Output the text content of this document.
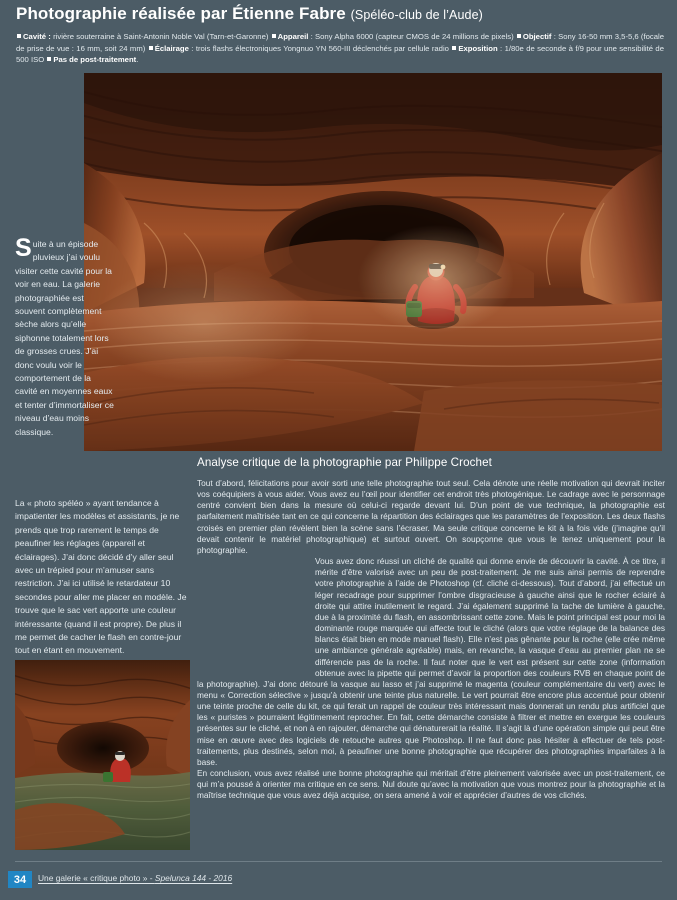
Photographie réalisée par Étienne Fabre (Spéléo-club de l’Aude)
Cavité : rivière souterraine à Saint-Antonin Noble Val (Tarn-et-Garonne) Appareil : Sony Alpha 6000 (capteur CMOS de 24 millions de pixels) Objectif : Sony 16-50 mm 3,5-5,6 (focale de prise de vue : 16 mm, soit 24 mm) Éclairage : trois flashs électroniques Yongnuo YN 560-III déclenchés par cellule radio Exposition : 1/80e de seconde à f/9 pour une sensibilité de 500 ISO Pas de post-traitement.

Suite à un épisode pluvieux j’ai voulu visiter cette cavité pour la voir en eau. La galerie photographiée est souvent complètement sèche alors qu’elle siphonne totalement lors de grosses crues. J’ai donc voulu voir le comportement de la cavité en moyennes eaux et tenter d’immortaliser ce niveau d’eau moins classique.

La « photo spéléo » ayant tendance à impatienter les modèles et assistants, je ne prends que trop rarement le temps de peaufiner les réglages (appareil et éclairages). J’ai donc décidé d’y aller seul avec un trépied pour m’amuser sans restriction. J’ai ici utilisé le retardateur 10 secondes pour aller me placer en modèle. Je trouve que le sac vert apporte une couleur intéressante (quand il est propre). De plus il me permet de cacher le flash en contre-jour tout en étant en mouvement.

Analyse critique de la photographie par Philippe Crochet

Tout d’abord, félicitations pour avoir sorti une telle photographie tout seul. Cela dénote une réelle motivation qui devrait inciter vos coéquipiers à vous aider. Vous avez eu l’œil pour identifier cet endroit très photogénique. Le cadrage avec le personnage centré convient bien dans la mesure où celui-ci regarde devant lui. D’un point de vue technique, la photographie est parfaitement maîtrisée tant en ce qui concerne la répartition des éclairages que les paramètres de l’exposition. Les deux flashs croisés en premier plan révèlent bien la scène sans l’écraser. Ma seule critique concerne le kit à la fois vide (j’imagine qu’il devait contenir le matériel photographique) et surtout ouvert. On soupçonne que vous le tenez uniquement pour la photographie.

Vous avez donc réussi un cliché de qualité qui donne envie de découvrir la cavité. À ce titre, il mérite d’être valorisé avec un peu de post-traitement. Je me suis ainsi permis de reprendre votre photographie à l’aide de Photoshop (cf. cliché ci-dessous). Tout d’abord, j’ai effectué un léger recadrage pour supprimer l’ombre disgracieuse à gauche ainsi que le rocher éclairé à droite qui attire inutilement le regard. J’ai également supprimé la tache de lumière à gauche, due à la proximité du flash, en assombrissant cette zone. Mais le point principal est pour moi la dominante rouge marquée qui affecte tout le cliché (alors que votre réglage de la balance des blancs était bien en mode manuel flash). Elle n’est pas gênante pour la roche (elle crée même une ambiance générale agréable) mais, en revanche, la vasque d’eau au premier plan ne se différencie pas de la roche. Il faut noter que le vert est présent sur cette zone (information obtenue avec la pipette qui permet d’avoir la proportion des couleurs RVB en chaque point de la photographie). J’ai donc détouré la vasque au lasso et j’ai supprimé le magenta (couleur complémentaire du vert) avec le menu « Correction sélective » jusqu’à obtenir une teinte plus naturelle. Le vert pourrait être encore plus accentué pour obtenir une teinte proche de celle du kit, ce qui ferait un rappel de couleur très intéressant mais donnerait un rendu plus artificiel que les « puristes » pourraient légitimement reprocher. En fait, cette démarche consiste à filtrer et mettre en exergue les couleurs présentes sur le cliché, et non à en rajouter, démarche qui dénaturerait la réalité. Il s’agit là d’une opération simple qui peut être mise en œuvre avec des logiciels de retouche autres que Photoshop. Il ne faut donc pas hésiter à effectuer de tels post-traitements, plus destinés, selon moi, à peaufiner une bonne photographie que récupérer des photographies imparfaites à la base.

En conclusion, vous avez réalisé une bonne photographie qui méritait d’être pleinement valorisée avec un post-traitement, ce qui m’a poussé à orienter ma critique en ce sens. Nul doute qu’avec la motivation que vous montrez pour la photographie et la maîtrise technique que vous avez déjà acquise, on sera amené à voir et apprécier d’autres de vos clichés.

34	Une galerie « critique photo » - Spelunca 144 - 2016
